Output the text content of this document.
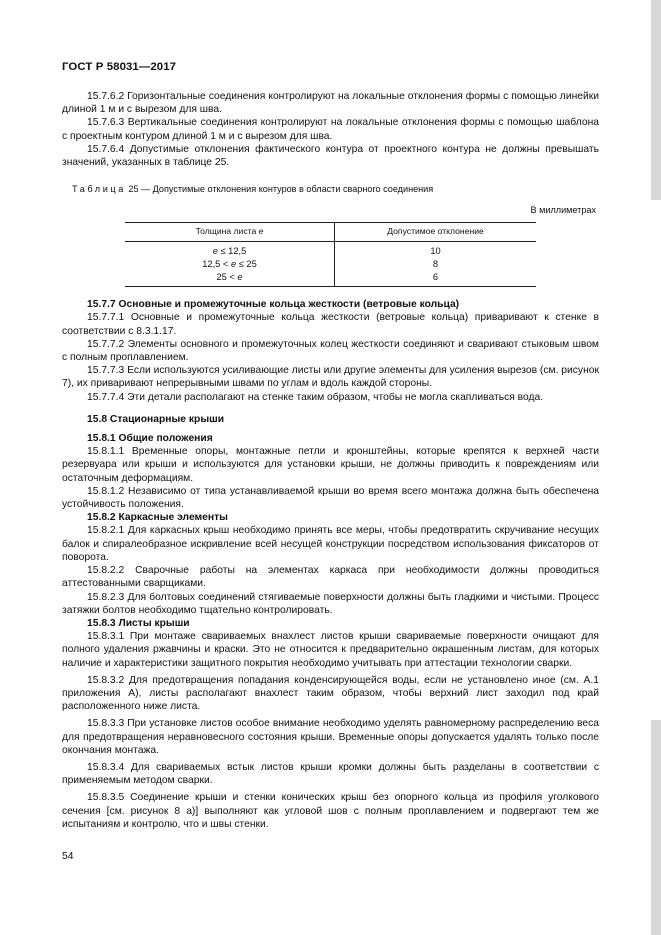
ГОСТ Р 58031—2017

15.7.6.2 Горизонтальные соединения контролируют на локальные отклонения формы с помощью линейки длиной 1 м и с вырезом для шва.

15.7.6.3 Вертикальные соединения контролируют на локальные отклонения формы с помощью шаблона с проектным контуром длиной 1 м и с вырезом для шва.

15.7.6.4 Допустимые отклонения фактического контура от проектного контура не должны превышать значений, указанных в таблице 25.

Таблица 25 — Допустимые отклонения контуров в области сварного соединения
В миллиметрах
Толщина листа e	Допустимое отклонение
e ≤ 12,5	10
12,5 < e ≤ 25	8
25 < e	6

15.7.7 Основные и промежуточные кольца жесткости (ветровые кольца)

15.7.7.1 Основные и промежуточные кольца жесткости (ветровые кольца) приваривают к стенке в соответствии с 8.3.1.17.

15.7.7.2 Элементы основного и промежуточных колец жесткости соединяют и сваривают стыковым швом с полным проплавлением.

15.7.7.3 Если используются усиливающие листы или другие элементы для усиления вырезов (см. рисунок 7), их приваривают непрерывными швами по углам и вдоль каждой стороны.

15.7.7.4 Эти детали располагают на стенке таким образом, чтобы не могла скапливаться вода.

15.8 Стационарные крыши

15.8.1 Общие положения

15.8.1.1 Временные опоры, монтажные петли и кронштейны, которые крепятся к верхней части резервуара или крыши и используются для установки крыши, не должны приводить к повреждениям или остаточным деформациям.

15.8.1.2 Независимо от типа устанавливаемой крыши во время всего монтажа должна быть обеспечена устойчивость положения.

15.8.2 Каркасные элементы

15.8.2.1 Для каркасных крыш необходимо принять все меры, чтобы предотвратить скручивание несущих балок и спиралеобразное искривление всей несущей конструкции посредством использования фиксаторов от поворота.

15.8.2.2 Сварочные работы на элементах каркаса при необходимости должны проводиться аттестованными сварщиками.

15.8.2.3 Для болтовых соединений стягиваемые поверхности должны быть гладкими и чистыми. Процесс затяжки болтов необходимо тщательно контролировать.

15.8.3 Листы крыши

15.8.3.1 При монтаже свариваемых внахлест листов крыши свариваемые поверхности очищают для полного удаления ржавчины и краски. Это не относится к предварительно окрашенным листам, для которых наличие и характеристики защитного покрытия необходимо учитывать при аттестации технологии сварки.

15.8.3.2 Для предотвращения попадания конденсирующейся воды, если не установлено иное (см. А.1 приложения А), листы располагают внахлест таким образом, чтобы верхний лист заходил под край расположенного ниже листа.

15.8.3.3 При установке листов особое внимание необходимо уделять равномерному распределению веса для предотвращения неравновесного состояния крыши. Временные опоры допускается удалять только после окончания монтажа.

15.8.3.4 Для свариваемых встык листов крыши кромки должны быть разделаны в соответствии с применяемым методом сварки.

15.8.3.5 Соединение крыши и стенки конических крыш без опорного кольца из профиля уголкового сечения [см. рисунок 8 а)] выполняют как угловой шов с полным проплавлением и подвергают тем же испытаниям и контролю, что и швы стенки.

54
